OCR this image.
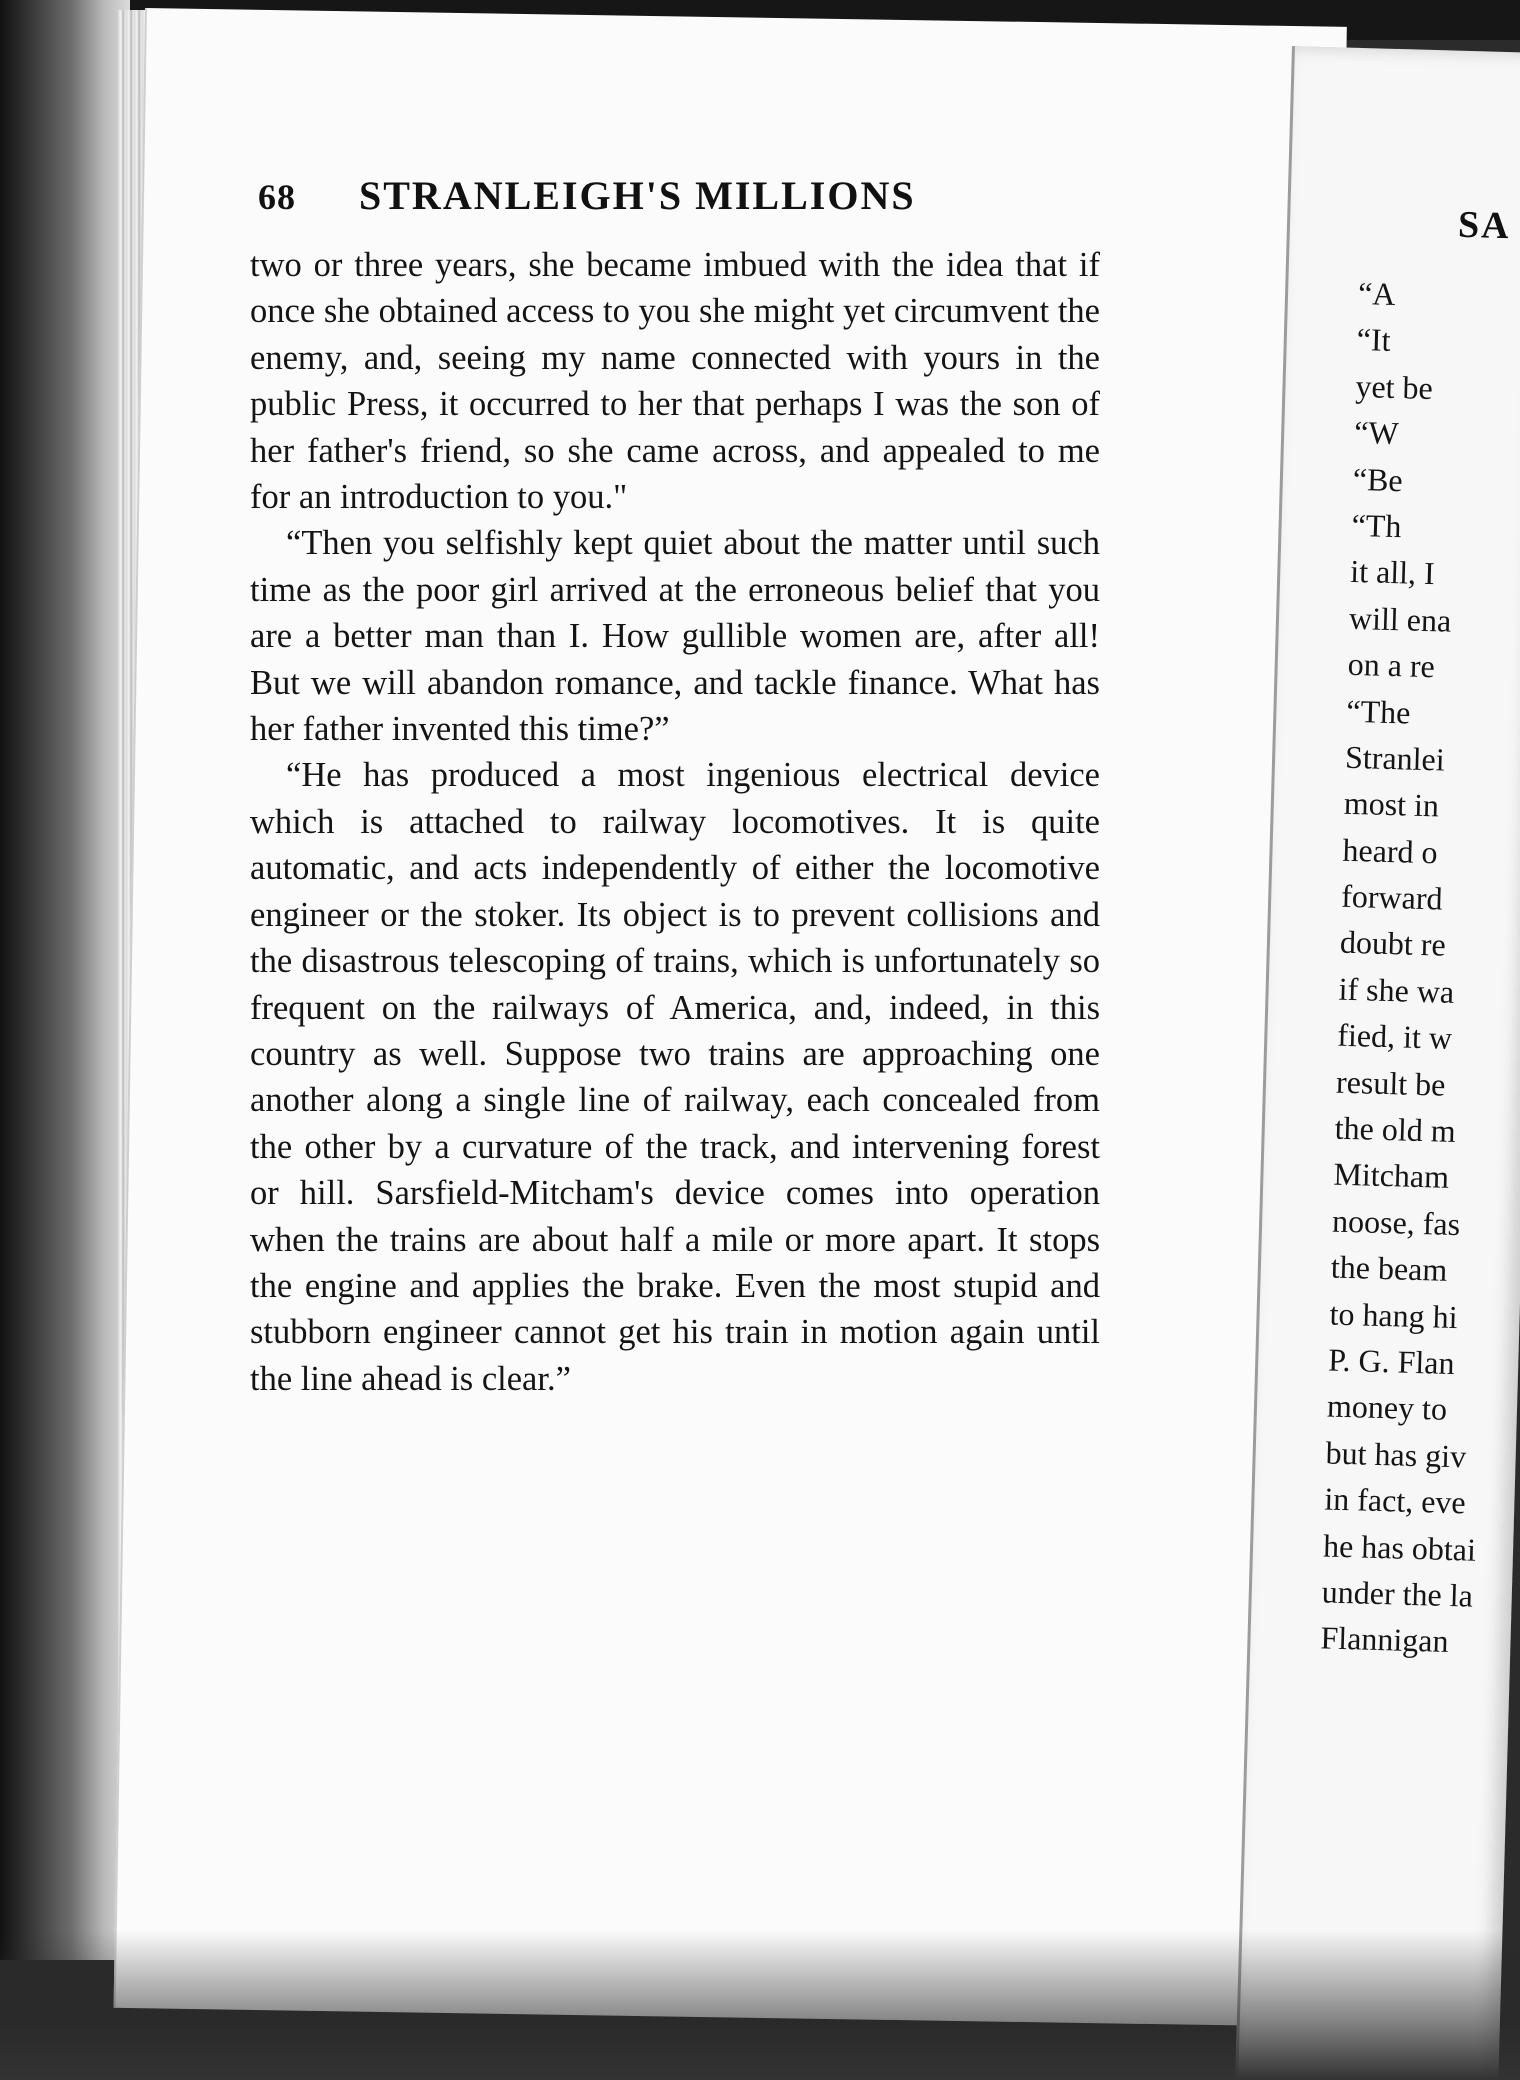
68 STRANLEIGH'S MILLIONS

two or three years, she became imbued with the idea that if once she obtained access to you she might yet circumvent the enemy, and, seeing my name connected with yours in the public Press, it occurred to her that perhaps I was the son of her father's friend, so she came across, and appealed to me for an introduction to you."

“Then you selfishly kept quiet about the matter until such time as the poor girl arrived at the erroneous belief that you are a better man than I. How gullible women are, after all! But we will abandon romance, and tackle finance. What has her father invented this time?”

“He has produced a most ingenious electrical device which is attached to railway locomotives. It is quite automatic, and acts independently of either the locomotive engineer or the stoker. Its object is to prevent collisions and the disastrous telescoping of trains, which is unfortunately so frequent on the railways of America, and, indeed, in this country as well. Suppose two trains are approaching one another along a single line of railway, each concealed from the other by a curvature of the track, and intervening forest or hill. Sarsfield-Mitcham's device comes into operation when the trains are about half a mile or more apart. It stops the engine and applies the brake. Even the most stupid and stubborn engineer cannot get his train in motion again until the line ahead is clear.”

SA
“A
“It
yet be
“W
“Be
“Th
it all, I
will ena
on a re
“The
Stranlei
most in
heard o
forward
doubt re
if she wa
fied, it w
result be
the old m
Mitcham
noose, fas
the beam
to hang hi
P. G. Flan
money to
but has giv
in fact, eve
he has obtai
under the la
Flannigan
